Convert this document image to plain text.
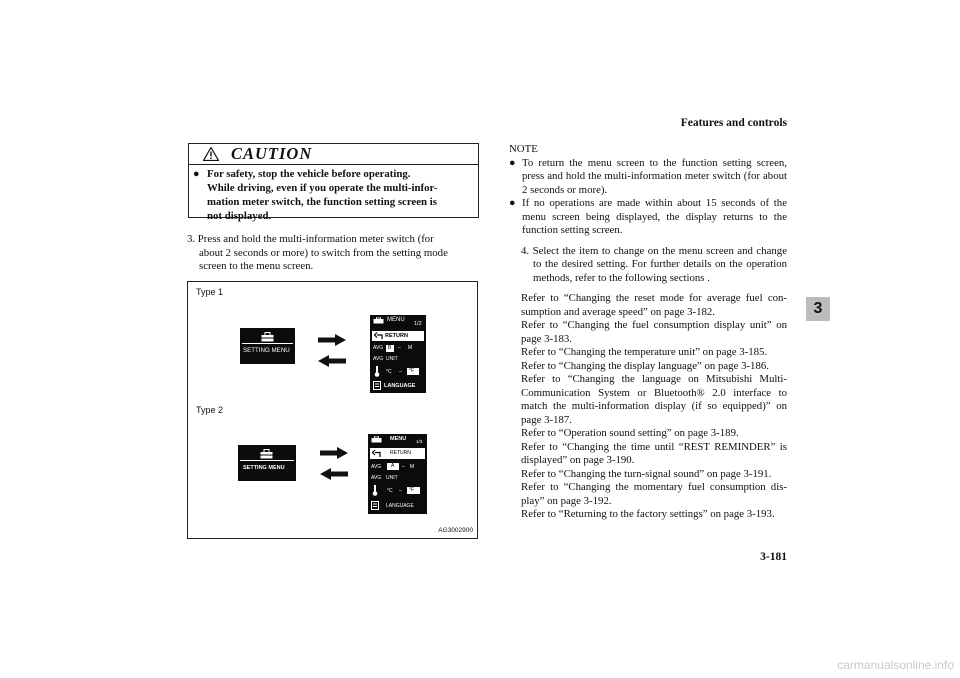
Features and controls
3
CAUTION
● For safety, stop the vehicle before operating.
While driving, even if you operate the multi-infor-
mation meter switch, the function setting screen is
not displayed.
3. Press and hold the multi-information meter switch (for
about 2 seconds or more) to switch from the setting mode
screen to the menu screen.
Type 1
Type 2
AG3002900
SETTING MENU
MENU
1/2
RETURN
AVG B – M
AVG UNIT
°C – °F
LANGUAGE
SETTING MENU
MENU 1/3
RETURN
AVG A – M
AVG UNIT
°C – °F
LANGUAGE

NOTE

● To return the menu screen to the function setting screen, press and hold the multi-information meter switch (for about 2 seconds or more).
● If no operations are made within about 15 seconds of the menu screen being displayed, the display returns to the function setting screen.

4. Select the item to change on the menu screen and change to the desired setting. For further details on the operation methods, refer to the following sections .

Refer to “Changing the reset mode for average fuel con-sumption and average speed” on page 3-182.

Refer to “Changing the fuel consumption display unit” on page 3-183.

Refer to “Changing the temperature unit” on page 3-185.

Refer to “Changing the display language” on page 3-186.

Refer to “Changing the language on Mitsubishi Multi-Communication System or Bluetooth® 2.0 interface to match the multi-information display (if so equipped)” on page 3-187.

Refer to “Operation sound setting” on page 3-189.

Refer to “Changing the time until “REST REMINDER” is displayed” on page 3-190.

Refer to “Changing the turn-signal sound” on page 3-191.

Refer to “Changing the momentary fuel consumption dis-play” on page 3-192.

Refer to “Returning to the factory settings” on page 3-193.

3-181
carmanualsonline.info
